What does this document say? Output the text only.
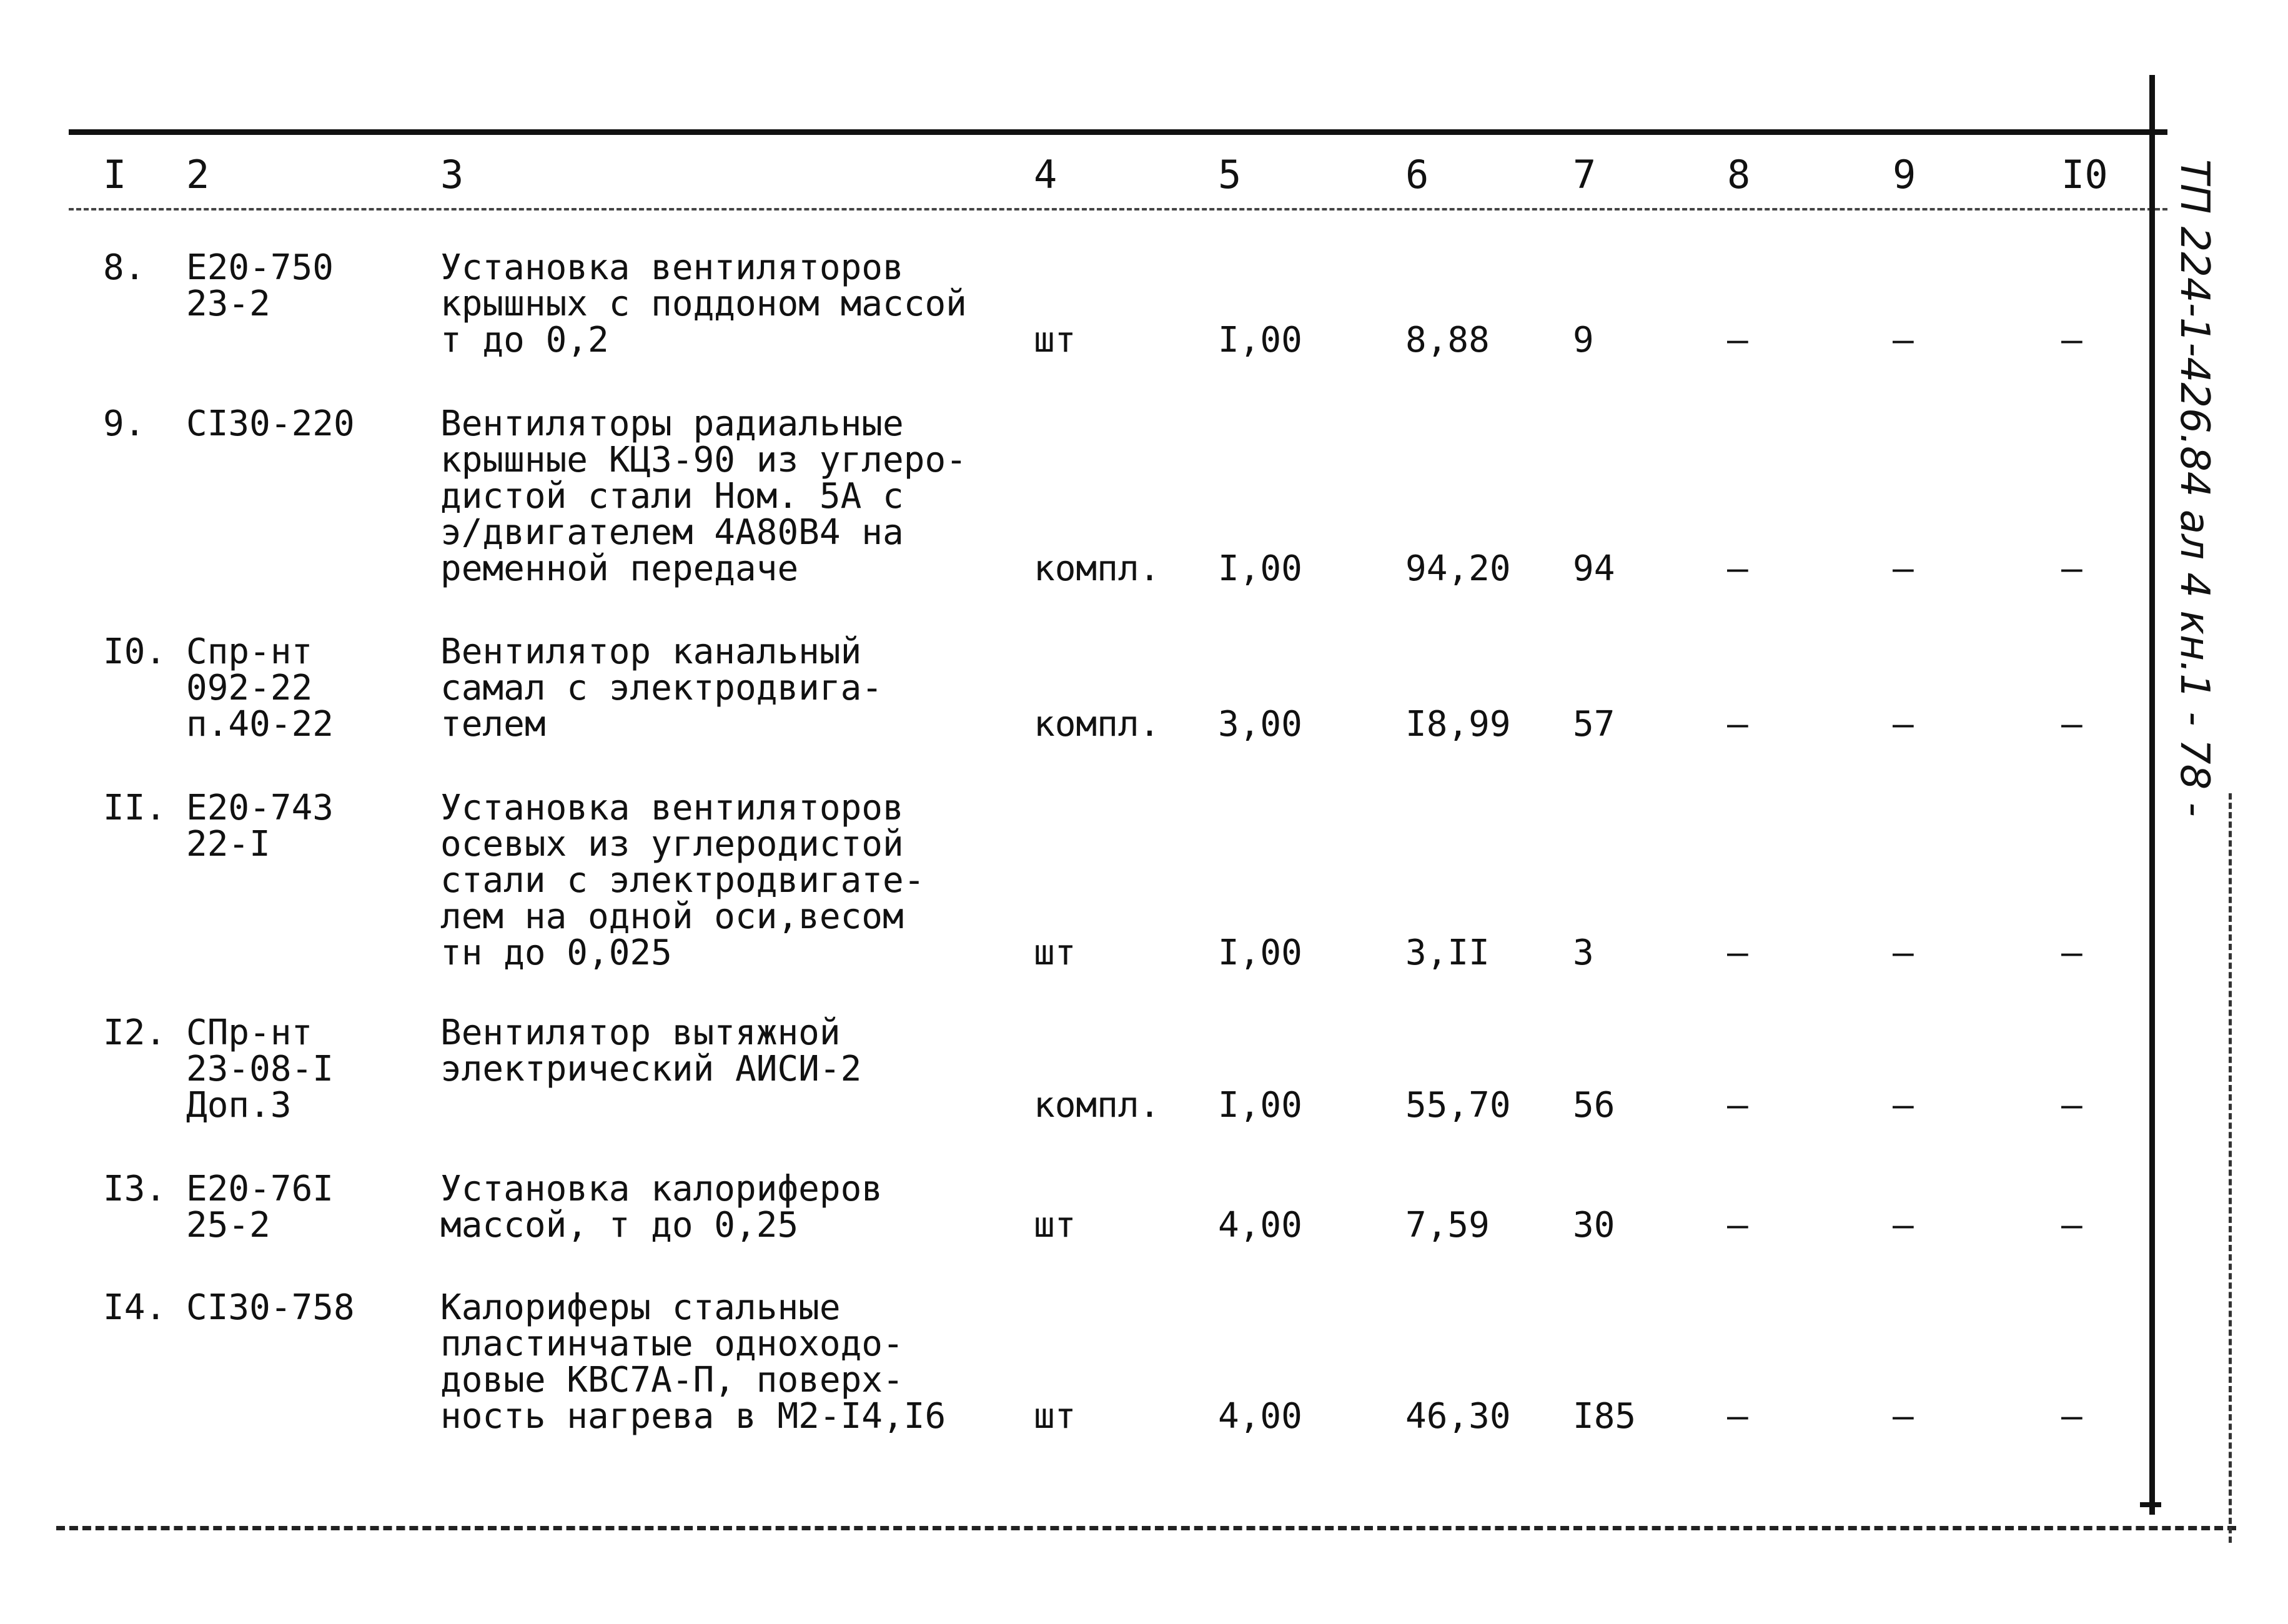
I 2	3	4	5	6	7	8	9	I0
8. Е20-750
23-2
Установка вентиляторов
крышных с поддоном массой
т до 0,2	шт	I,00	8,88 9	–	–	–
9. СI30-220 Вентиляторы радиальные
крышные КЦ3-90 из углеро-
дистой стали Ном. 5А с
э/двигателем 4А80В4 на
ременной передаче	компл. I,00	94,20 94	–	–	–
I0. Спр-нт
092-22
п.40-22
Вентилятор канальный
самал с электродвига-
телем	компл. 3,00	I8,99 57	–	–	–
II. Е20-743
22-I
Установка вентиляторов
осевых из углеродистой
стали с электродвигате-
лем на одной оси,весом
тн до 0,025	шт	I,00	3,II 3	–	–	–
I2. СПр-нт
23-08-I
Доп.3
Вентилятор вытяжной
электрический АИСИ-2
компл. I,00	55,70 56	–	–	–
I3. Е20-76I
25-2
Установка калориферов
массой, т до 0,25	шт	4,00	7,59 30	–	–	–
I4. СI30-758 Калориферы стальные
пластинчатые одноходо-
довые КВС7А-П, поверх-
ность нагрева в М2-I4,I6	шт	4,00	46,30 I85	–	–	–
ТП 224-1-426.84 ал 4 кн.1 - 78 -
